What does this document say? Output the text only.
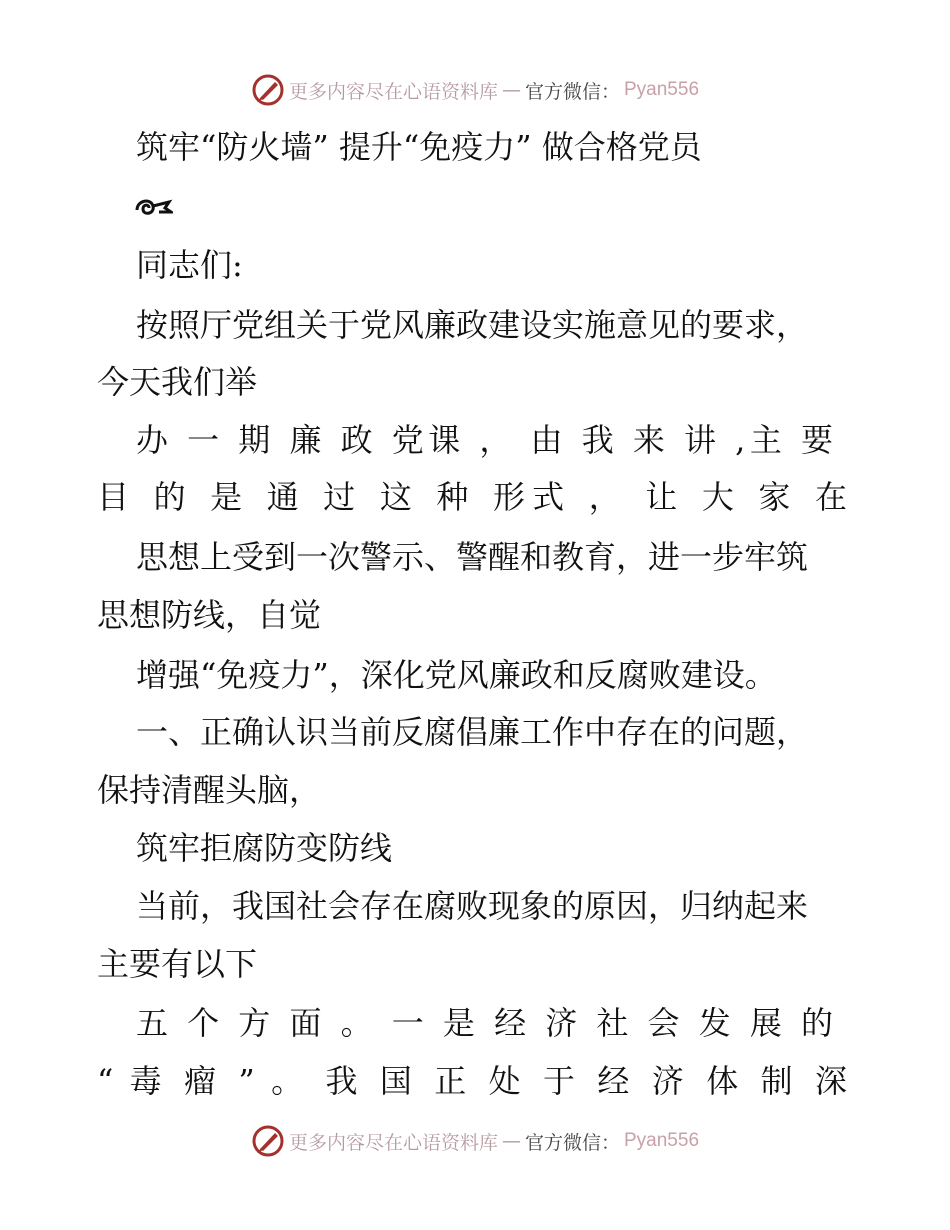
更多内容尽在心语资料库 — 官方微信： Pyan556
筑牢“防火墙” 提升“免疫力” 做合格党员
同志们:
按照厅党组关于党风廉政建设实施意见的要求，
今天我们举
办 一 期 廉 政 党课 ， 由 我 来 讲 ,主 要
目 的 是 通 过 这 种 形式 ， 让 大 家 在
思想上受到一次警示、警醒和教育，进一步牢筑
思想防线，自觉
增强“免疫力”，深化党风廉政和反腐败建设。
一、正确认识当前反腐倡廉工作中存在的问题，
保持清醒头脑，
筑牢拒腐防变防线
当前，我国社会存在腐败现象的原因，归纳起来
主要有以下
五 个 方 面 。 一 是 经 济 社 会 发 展 的
“ 毒 瘤 ” 。 我 国 正 处 于 经 济 体 制 深
更多内容尽在心语资料库 — 官方微信： Pyan556
